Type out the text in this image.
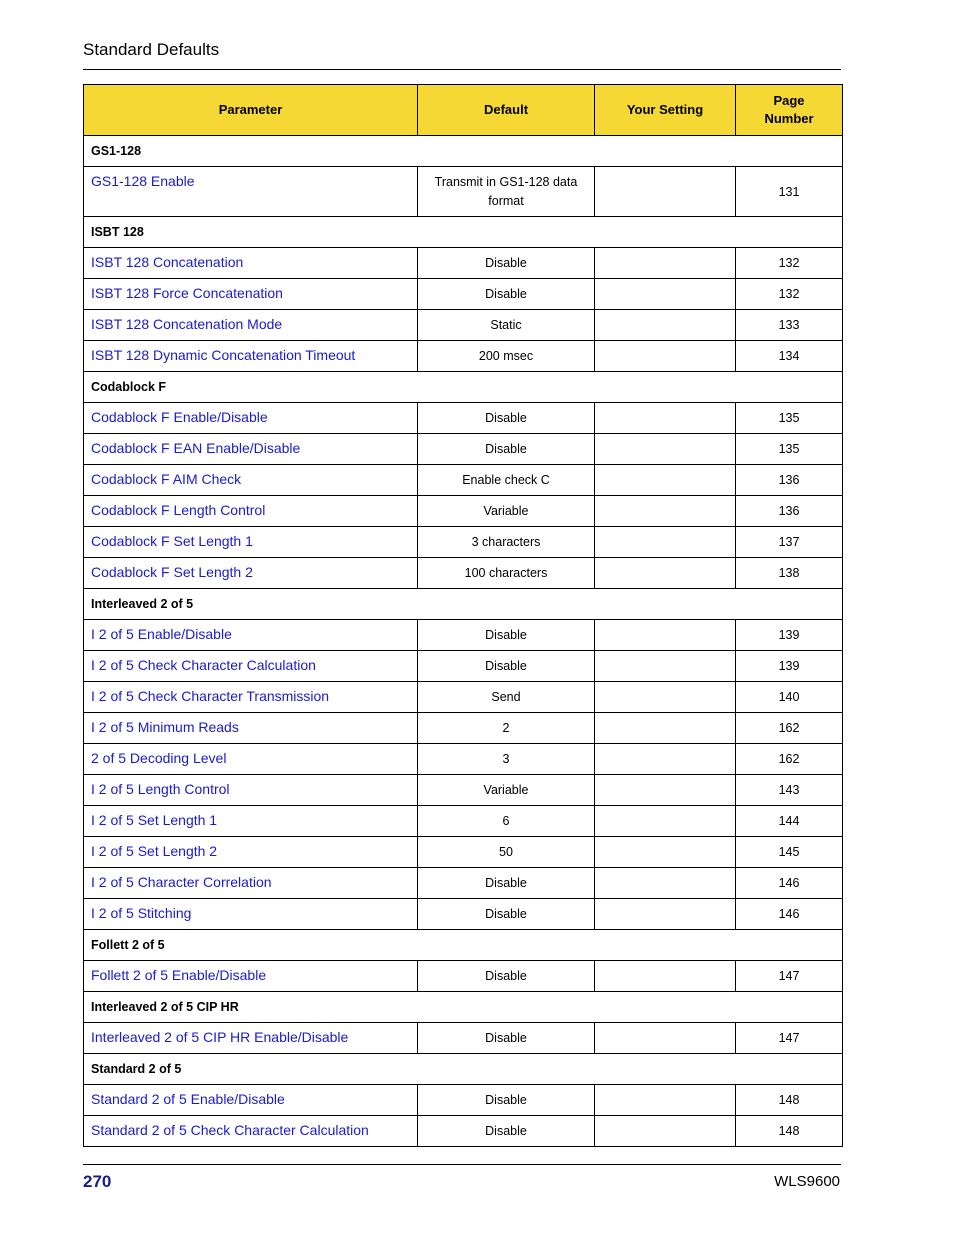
Standard Defaults
Parameter	Default	Your Setting	Page Number
GS1-128			
GS1-128 Enable	Transmit in GS1-128 data format		131
ISBT 128			
ISBT 128 Concatenation	Disable		132
ISBT 128 Force Concatenation	Disable		132
ISBT 128 Concatenation Mode	Static		133
ISBT 128 Dynamic Concatenation Timeout	200 msec		134
Codablock F			
Codablock F Enable/Disable	Disable		135
Codablock F EAN Enable/Disable	Disable		135
Codablock F AIM Check	Enable check C		136
Codablock F Length Control	Variable		136
Codablock F Set Length 1	3 characters		137
Codablock F Set Length 2	100 characters		138
Interleaved 2 of 5			
I 2 of 5 Enable/Disable	Disable		139
I 2 of 5 Check Character Calculation	Disable		139
I 2 of 5 Check Character Transmission	Send		140
I 2 of 5 Minimum Reads	2		162
2 of 5 Decoding Level	3		162
I 2 of 5 Length Control	Variable		143
I 2 of 5 Set Length 1	6		144
I 2 of 5 Set Length 2	50		145
I 2 of 5 Character Correlation	Disable		146
I 2 of 5 Stitching	Disable		146
Follett 2 of 5			
Follett 2 of 5 Enable/Disable	Disable		147
Interleaved 2 of 5 CIP HR			
Interleaved 2 of 5 CIP HR Enable/Disable	Disable		147
Standard 2 of 5			
Standard 2 of 5 Enable/Disable	Disable		148
Standard 2 of 5 Check Character Calculation	Disable		148
270	WLS9600
